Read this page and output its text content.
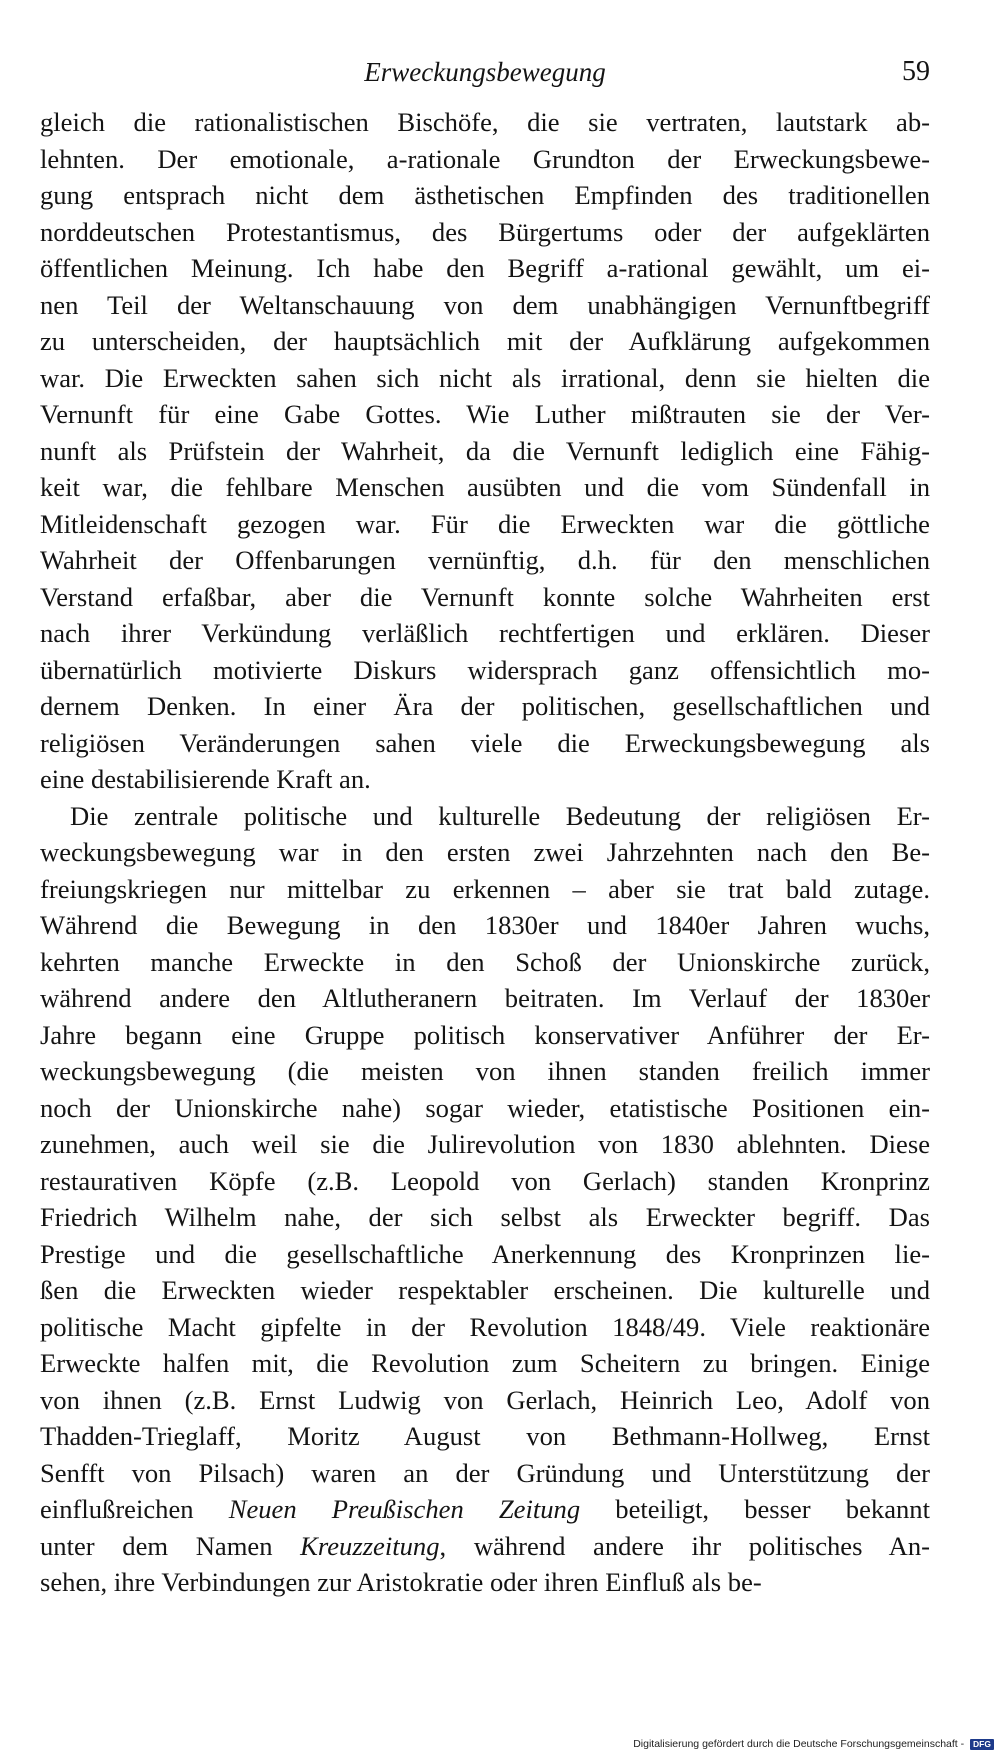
Erweckungsbewegung	59
gleich die rationalistischen Bischöfe, die sie vertraten, lautstark ab-
lehnten. Der emotionale, a-rationale Grundton der Erweckungsbewe-
gung entsprach nicht dem ästhetischen Empfinden des traditionellen
norddeutschen Protestantismus, des Bürgertums oder der aufgeklärten
öffentlichen Meinung. Ich habe den Begriff a-rational gewählt, um ei-
nen Teil der Weltanschauung von dem unabhängigen Vernunftbegriff
zu unterscheiden, der hauptsächlich mit der Aufklärung aufgekommen
war. Die Erweckten sahen sich nicht als irrational, denn sie hielten die
Vernunft für eine Gabe Gottes. Wie Luther mißtrauten sie der Ver-
nunft als Prüfstein der Wahrheit, da die Vernunft lediglich eine Fähig-
keit war, die fehlbare Menschen ausübten und die vom Sündenfall in
Mitleidenschaft gezogen war. Für die Erweckten war die göttliche
Wahrheit der Offenbarungen vernünftig, d.h. für den menschlichen
Verstand erfaßbar, aber die Vernunft konnte solche Wahrheiten erst
nach ihrer Verkündung verläßlich rechtfertigen und erklären. Dieser
übernatürlich motivierte Diskurs widersprach ganz offensichtlich mo-
dernem Denken. In einer Ära der politischen, gesellschaftlichen und
religiösen Veränderungen sahen viele die Erweckungsbewegung als
eine destabilisierende Kraft an.
Die zentrale politische und kulturelle Bedeutung der religiösen Er-
weckungsbewegung war in den ersten zwei Jahrzehnten nach den Be-
freiungskriegen nur mittelbar zu erkennen – aber sie trat bald zutage.
Während die Bewegung in den 1830er und 1840er Jahren wuchs,
kehrten manche Erweckte in den Schoß der Unionskirche zurück,
während andere den Altlutheranern beitraten. Im Verlauf der 1830er
Jahre begann eine Gruppe politisch konservativer Anführer der Er-
weckungsbewegung (die meisten von ihnen standen freilich immer
noch der Unionskirche nahe) sogar wieder, etatistische Positionen ein-
zunehmen, auch weil sie die Julirevolution von 1830 ablehnten. Diese
restaurativen Köpfe (z.B. Leopold von Gerlach) standen Kronprinz
Friedrich Wilhelm nahe, der sich selbst als Erweckter begriff. Das
Prestige und die gesellschaftliche Anerkennung des Kronprinzen lie-
ßen die Erweckten wieder respektabler erscheinen. Die kulturelle und
politische Macht gipfelte in der Revolution 1848/49. Viele reaktionäre
Erweckte halfen mit, die Revolution zum Scheitern zu bringen. Einige
von ihnen (z.B. Ernst Ludwig von Gerlach, Heinrich Leo, Adolf von
Thadden-Trieglaff, Moritz August von Bethmann-Hollweg, Ernst
Senfft von Pilsach) waren an der Gründung und Unterstützung der
einflußreichen Neuen Preußischen Zeitung beteiligt, besser bekannt
unter dem Namen Kreuzzeitung, während andere ihr politisches An-
sehen, ihre Verbindungen zur Aristokratie oder ihren Einfluß als be-
Digitalisierung gefördert durch die Deutsche Forschungsgemeinschaft - DFG
